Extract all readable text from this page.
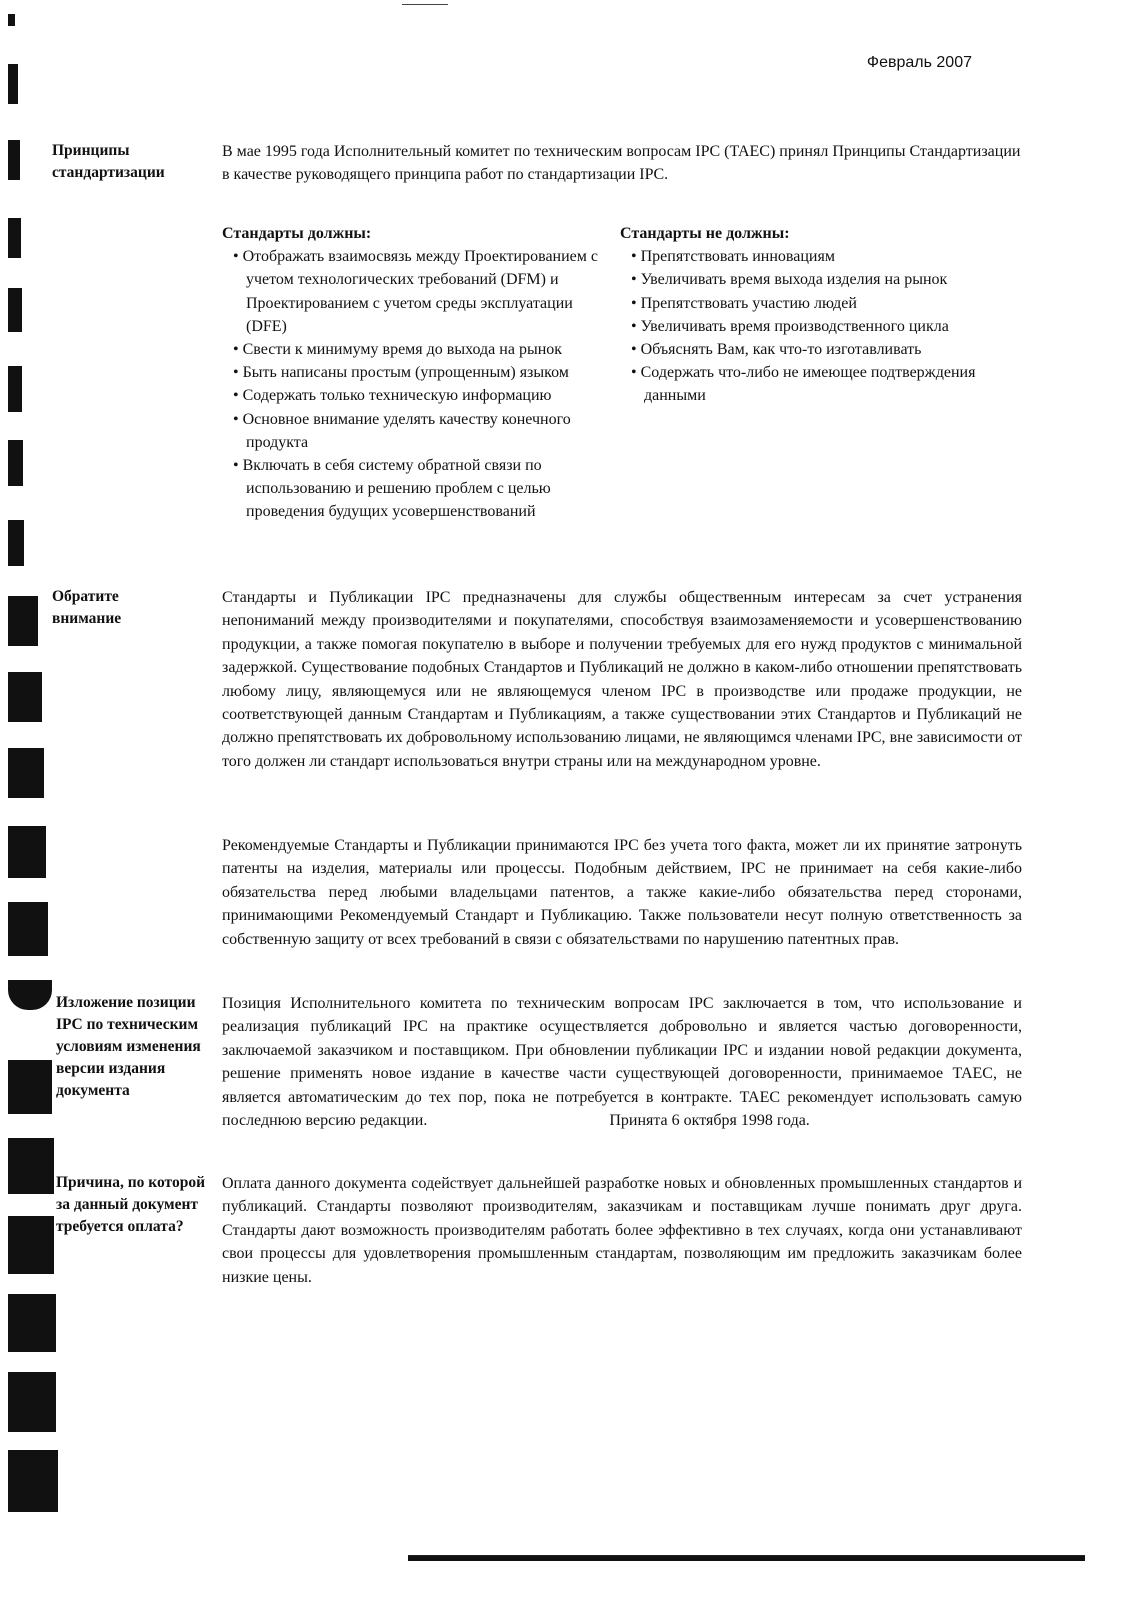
Февраль 2007
Принципы стандартизации
В мае 1995 года Исполнительный комитет по техническим вопросам IPC (TAEC) принял Принципы Стандартизации в качестве руководящего принципа работ по стандартизации IPC.
Стандарты должны:
• Отображать взаимосвязь между Проектированием с учетом технологических требований (DFM) и Проектированием с учетом среды эксплуатации (DFE)
• Свести к минимуму время до выхода на рынок
• Быть написаны простым (упрощенным) языком
• Содержать только техническую информацию
• Основное внимание уделять качеству конечного продукта
• Включать в себя систему обратной связи по использованию и решению проблем с целью проведения будущих усовершенствований
Стандарты не должны:
• Препятствовать инновациям
• Увеличивать время выхода изделия на рынок
• Препятствовать участию людей
• Увеличивать время производственного цикла
• Объяснять Вам, как что-то изготавливать
• Содержать что-либо не имеющее подтверждения данными
Обратите внимание
Стандарты и Публикации IPC предназначены для службы общественным интересам за счет устранения непониманий между производителями и покупателями, способствуя взаимозаменяемости и усовершенствованию продукции, а также помогая покупателю в выборе и получении требуемых для его нужд продуктов с минимальной задержкой. Существование подобных Стандартов и Публикаций не должно в каком-либо отношении препятствовать любому лицу, являющемуся или не являющемуся членом IPC в производстве или продаже продукции, не соответствующей данным Стандартам и Публикациям, а также существовании этих Стандартов и Публикаций не должно препятствовать их добровольному использованию лицами, не являющимся членами IPC, вне зависимости от того должен ли стандарт использоваться внутри страны или на международном уровне.
Рекомендуемые Стандарты и Публикации принимаются IPC без учета того факта, может ли их принятие затронуть патенты на изделия, материалы или процессы. Подобным действием, IPC не принимает на себя какие-либо обязательства перед любыми владельцами патентов, а также какие-либо обязательства перед сторонами, принимающими Рекомендуемый Стандарт и Публикацию. Также пользователи несут полную ответственность за собственную защиту от всех требований в связи с обязательствами по нарушению патентных прав.
Изложение позиции IPC по техническим условиям изменения версии издания документа
Позиция Исполнительного комитета по техническим вопросам IPC заключается в том, что использование и реализация публикаций IPC на практике осуществляется добровольно и является частью договоренности, заключаемой заказчиком и поставщиком. При обновлении публикации IPC и издании новой редакции документа, решение применять новое издание в качестве части существующей договоренности, принимаемое TAEC, не является автоматическим до тех пор, пока не потребуется в контракте. TAEC рекомендует использовать самую последнюю версию редакции.	Принята 6 октября 1998 года.
Причина, по которой за данный документ требуется оплата?
Оплата данного документа содействует дальнейшей разработке новых и обновленных промышленных стандартов и публикаций. Стандарты позволяют производителям, заказчикам и поставщикам лучше понимать друг друга. Стандарты дают возможность производителям работать более эффективно в тех случаях, когда они устанавливают свои процессы для удовлетворения промышленным стандартам, позволяющим им предложить заказчикам более низкие цены.
